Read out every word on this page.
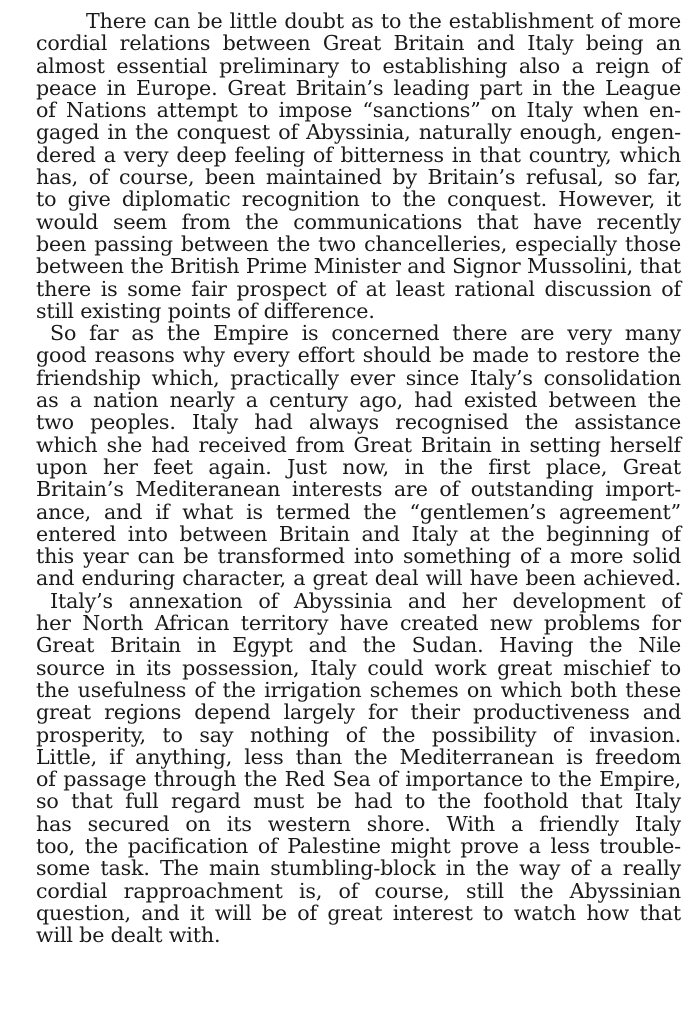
There can be little doubt as to the establishment of more
cordial relations between Great Britain and Italy being an
almost essential preliminary to establishing also a reign of
peace in Europe. Great Britain’s leading part in the League
of Nations attempt to impose “sanctions” on Italy when en-
gaged in the conquest of Abyssinia, naturally enough, engen-
dered a very deep feeling of bitterness in that country, which
has, of course, been maintained by Britain’s refusal, so far,
to give diplomatic recognition to the conquest. However, it
would seem from the communications that have recently
been passing between the two chancelleries, especially those
between the British Prime Minister and Signor Mussolini, that
there is some fair prospect of at least rational discussion of
still existing points of difference.
So far as the Empire is concerned there are very many
good reasons why every effort should be made to restore the
friendship which, practically ever since Italy’s consolidation
as a nation nearly a century ago, had existed between the
two peoples. Italy had always recognised the assistance
which she had received from Great Britain in setting herself
upon her feet again. Just now, in the first place, Great
Britain’s Mediteranean interests are of outstanding import-
ance, and if what is termed the “gentlemen’s agreement”
entered into between Britain and Italy at the beginning of
this year can be transformed into something of a more solid
and enduring character, a great deal will have been achieved.
Italy’s annexation of Abyssinia and her development of
her North African territory have created new problems for
Great Britain in Egypt and the Sudan. Having the Nile
source in its possession, Italy could work great mischief to
the usefulness of the irrigation schemes on which both these
great regions depend largely for their productiveness and
prosperity, to say nothing of the possibility of invasion.
Little, if anything, less than the Mediterranean is freedom
of passage through the Red Sea of importance to the Empire,
so that full regard must be had to the foothold that Italy
has secured on its western shore. With a friendly Italy
too, the pacification of Palestine might prove a less trouble-
some task. The main stumbling-block in the way of a really
cordial rapproachment is, of course, still the Abyssinian
question, and it will be of great interest to watch how that
will be dealt with.
